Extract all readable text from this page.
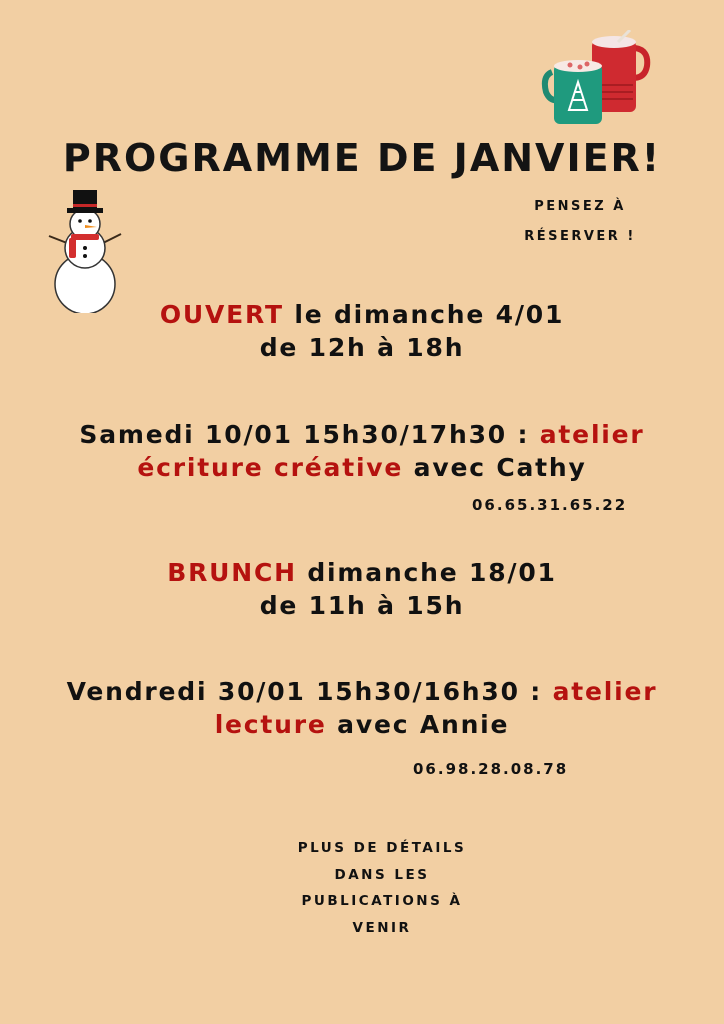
PROGRAMME DE JANVIER!
PENSEZ À
RÉSERVER !
OUVERT le dimanche 4/01
de 12h à 18h
Samedi 10/01 15h30/17h30 : atelier
écriture créative avec Cathy
06.65.31.65.22
BRUNCH dimanche 18/01
de 11h à 15h
Vendredi 30/01 15h30/16h30 : atelier
lecture avec Annie
06.98.28.08.78
PLUS DE DÉTAILS
DANS LES
PUBLICATIONS À
VENIR
